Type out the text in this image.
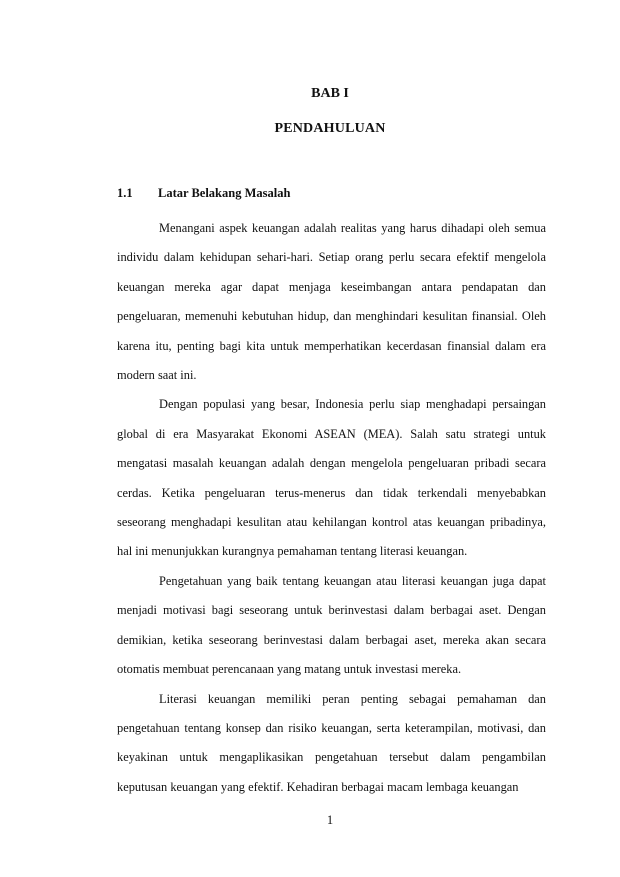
BAB I
PENDAHULUAN
1.1 Latar Belakang Masalah

Menangani aspek keuangan adalah realitas yang harus dihadapi oleh semua individu dalam kehidupan sehari-hari. Setiap orang perlu secara efektif mengelola keuangan mereka agar dapat menjaga keseimbangan antara pendapatan dan pengeluaran, memenuhi kebutuhan hidup, dan menghindari kesulitan finansial. Oleh karena itu, penting bagi kita untuk memperhatikan kecerdasan finansial dalam era modern saat ini.

Dengan populasi yang besar, Indonesia perlu siap menghadapi persaingan global di era Masyarakat Ekonomi ASEAN (MEA). Salah satu strategi untuk mengatasi masalah keuangan adalah dengan mengelola pengeluaran pribadi secara cerdas. Ketika pengeluaran terus-menerus dan tidak terkendali menyebabkan seseorang menghadapi kesulitan atau kehilangan kontrol atas keuangan pribadinya, hal ini menunjukkan kurangnya pemahaman tentang literasi keuangan.

Pengetahuan yang baik tentang keuangan atau literasi keuangan juga dapat menjadi motivasi bagi seseorang untuk berinvestasi dalam berbagai aset. Dengan demikian, ketika seseorang berinvestasi dalam berbagai aset, mereka akan secara otomatis membuat perencanaan yang matang untuk investasi mereka.

Literasi keuangan memiliki peran penting sebagai pemahaman dan pengetahuan tentang konsep dan risiko keuangan, serta keterampilan, motivasi, dan keyakinan untuk mengaplikasikan pengetahuan tersebut dalam pengambilan keputusan keuangan yang efektif. Kehadiran berbagai macam lembaga keuangan

1
